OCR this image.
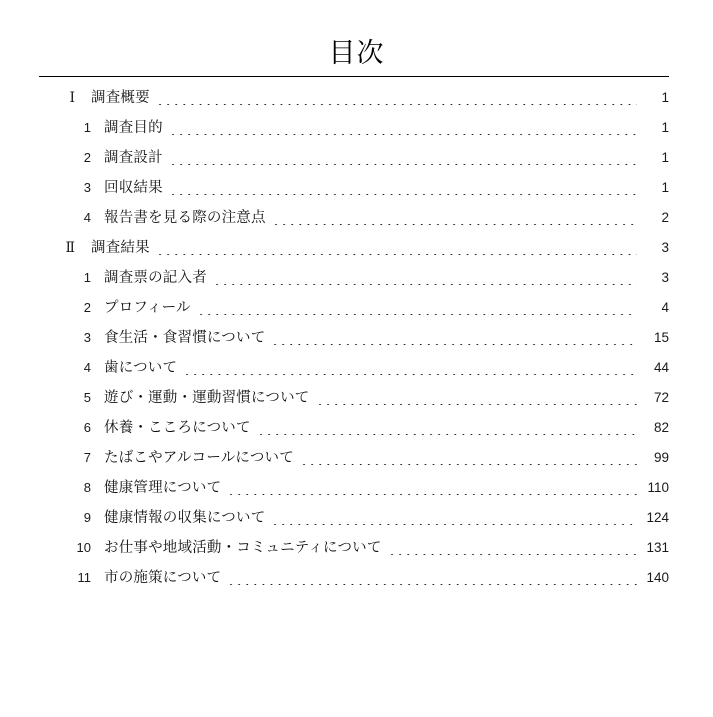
目次
Ⅰ 調査概要	1
1 調査目的	1
2 調査設計	1
3 回収結果	1
4 報告書を見る際の注意点	2
Ⅱ 調査結果	3
1 調査票の記入者	3
2 プロフィール	4
3 食生活・食習慣について	15
4 歯について	44
5 遊び・運動・運動習慣について	72
6 休養・こころについて	82
7 たばこやアルコールについて	99
8 健康管理について	110
9 健康情報の収集について	124
10 お仕事や地域活動・コミュニティについて	131
11 市の施策について	140
